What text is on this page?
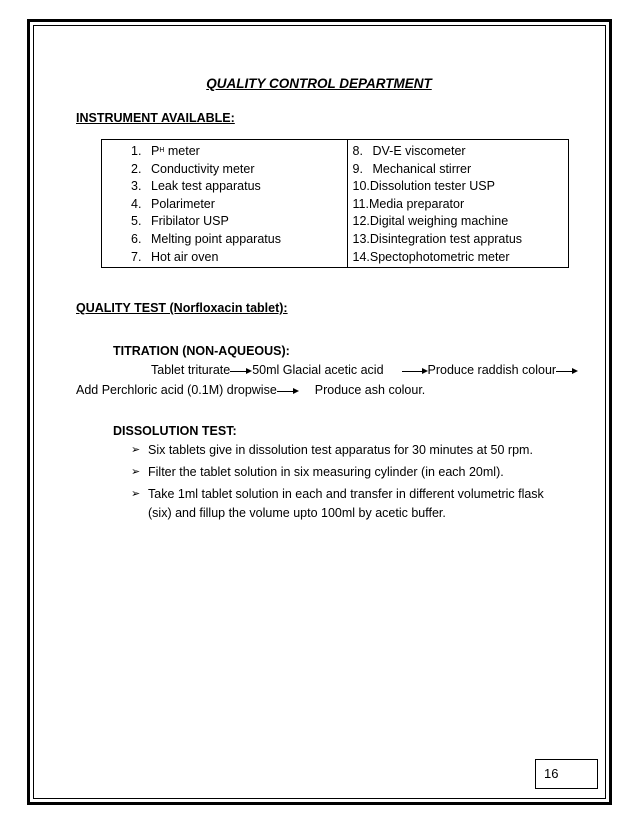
QUALITY CONTROL DEPARTMENT
INSTRUMENT AVAILABLE:
1. $P^H$ meter
2. Conductivity meter
3. Leak test apparatus
4. Polarimeter
5. Fribilator USP
6. Melting point apparatus
7. Hot air oven
8. DV-E viscometer
9. Mechanical stirrer
10. Dissolution tester USP
11. Media preparator
12. Digital weighing machine
13. Disintegration test appratus
14. Spectophotometric meter
QUALITY TEST (Norfloxacin tablet):
TITRATION (NON-AQUEOUS):
Tablet triturate 50ml Glacial acetic acid	Produce raddish colour
Add Perchloric acid (0.1M) dropwise	Produce ash colour.
DISSOLUTION TEST:
➢ Six tablets give in dissolution test apparatus for 30 minutes at 50 rpm.
➢ Filter the tablet solution in six measuring cylinder (in each 20ml).
➢ Take 1ml tablet solution in each and transfer in different volumetric flask (six) and fillup the volume upto 100ml by acetic buffer.
16
